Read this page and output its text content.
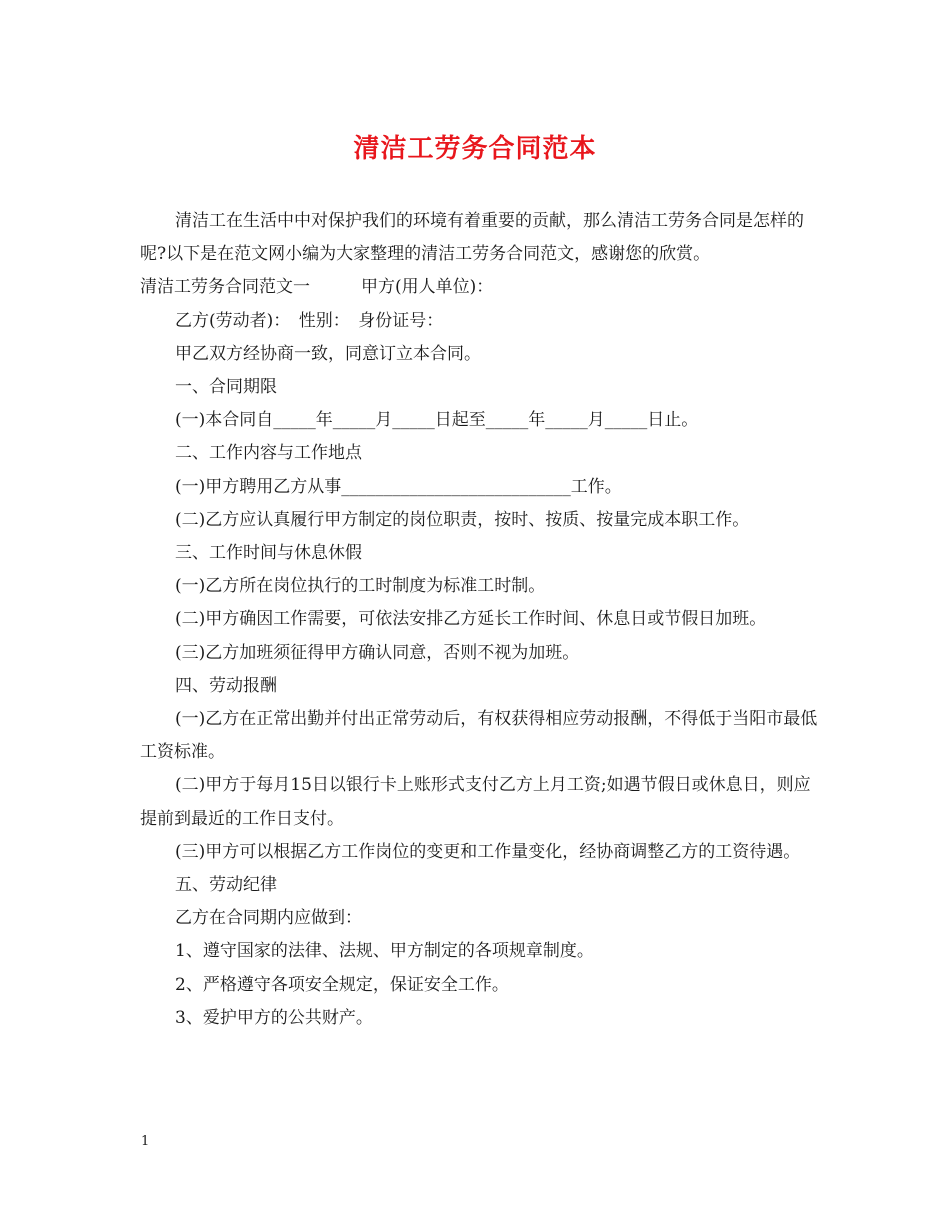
清洁工劳务合同范本

清洁工在生活中中对保护我们的环境有着重要的贡献，那么清洁工劳务合同是怎样的呢?以下是在范文网小编为大家整理的清洁工劳务合同范文，感谢您的欣赏。

清洁工劳务合同范文一　　　甲方(用人单位)：

乙方(劳动者)：　性别：　身份证号：

甲乙双方经协商一致，同意订立本合同。

一、合同期限

(一)本合同自_____年_____月_____日起至_____年_____月_____日止。

二、工作内容与工作地点

(一)甲方聘用乙方从事___________________________工作。

(二)乙方应认真履行甲方制定的岗位职责，按时、按质、按量完成本职工作。

三、工作时间与休息休假

(一)乙方所在岗位执行的工时制度为标准工时制。

(二)甲方确因工作需要，可依法安排乙方延长工作时间、休息日或节假日加班。

(三)乙方加班须征得甲方确认同意，否则不视为加班。

四、劳动报酬

(一)乙方在正常出勤并付出正常劳动后，有权获得相应劳动报酬，不得低于当阳市最低工资标准。

(二)甲方于每月15日以银行卡上账形式支付乙方上月工资;如遇节假日或休息日，则应提前到最近的工作日支付。

(三)甲方可以根据乙方工作岗位的变更和工作量变化，经协商调整乙方的工资待遇。

五、劳动纪律

乙方在合同期内应做到：

1、遵守国家的法律、法规、甲方制定的各项规章制度。

2、严格遵守各项安全规定，保证安全工作。

3、爱护甲方的公共财产。

1
